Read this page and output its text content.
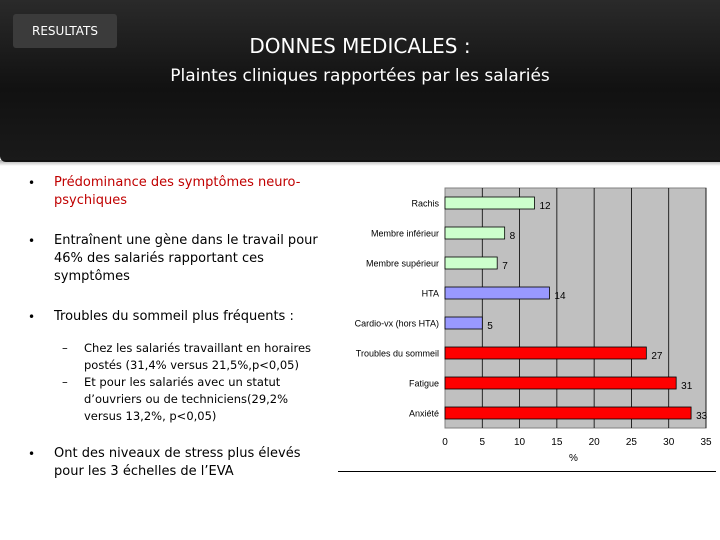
RESULTATS
DONNES MEDICALES :
Plaintes cliniques rapportées par les salariés
•	Prédominance des symptômes neuro-psychiques
•	Entraînent une gène dans le travail pour 46% des salariés rapportant ces symptômes
•	Troubles du sommeil plus fréquents :
–	Chez les salariés travaillant en horaires postés (31,4% versus 21,5%,p<0,05)
–	Et pour les salariés avec un statut d’ouvriers ou de techniciens(29,2% versus 13,2%, p<0,05)
•	Ont des niveaux de stress plus élevés pour les 3 échelles de l’EVA
0	5	10	15	20	25	30	35
Rachis	12
Membre inférieur	8
Membre supérieur	7
HTA	14
Cardio-vx (hors HTA)	5
Troubles du sommeil	27
Fatigue	31
Anxiété	33
%
